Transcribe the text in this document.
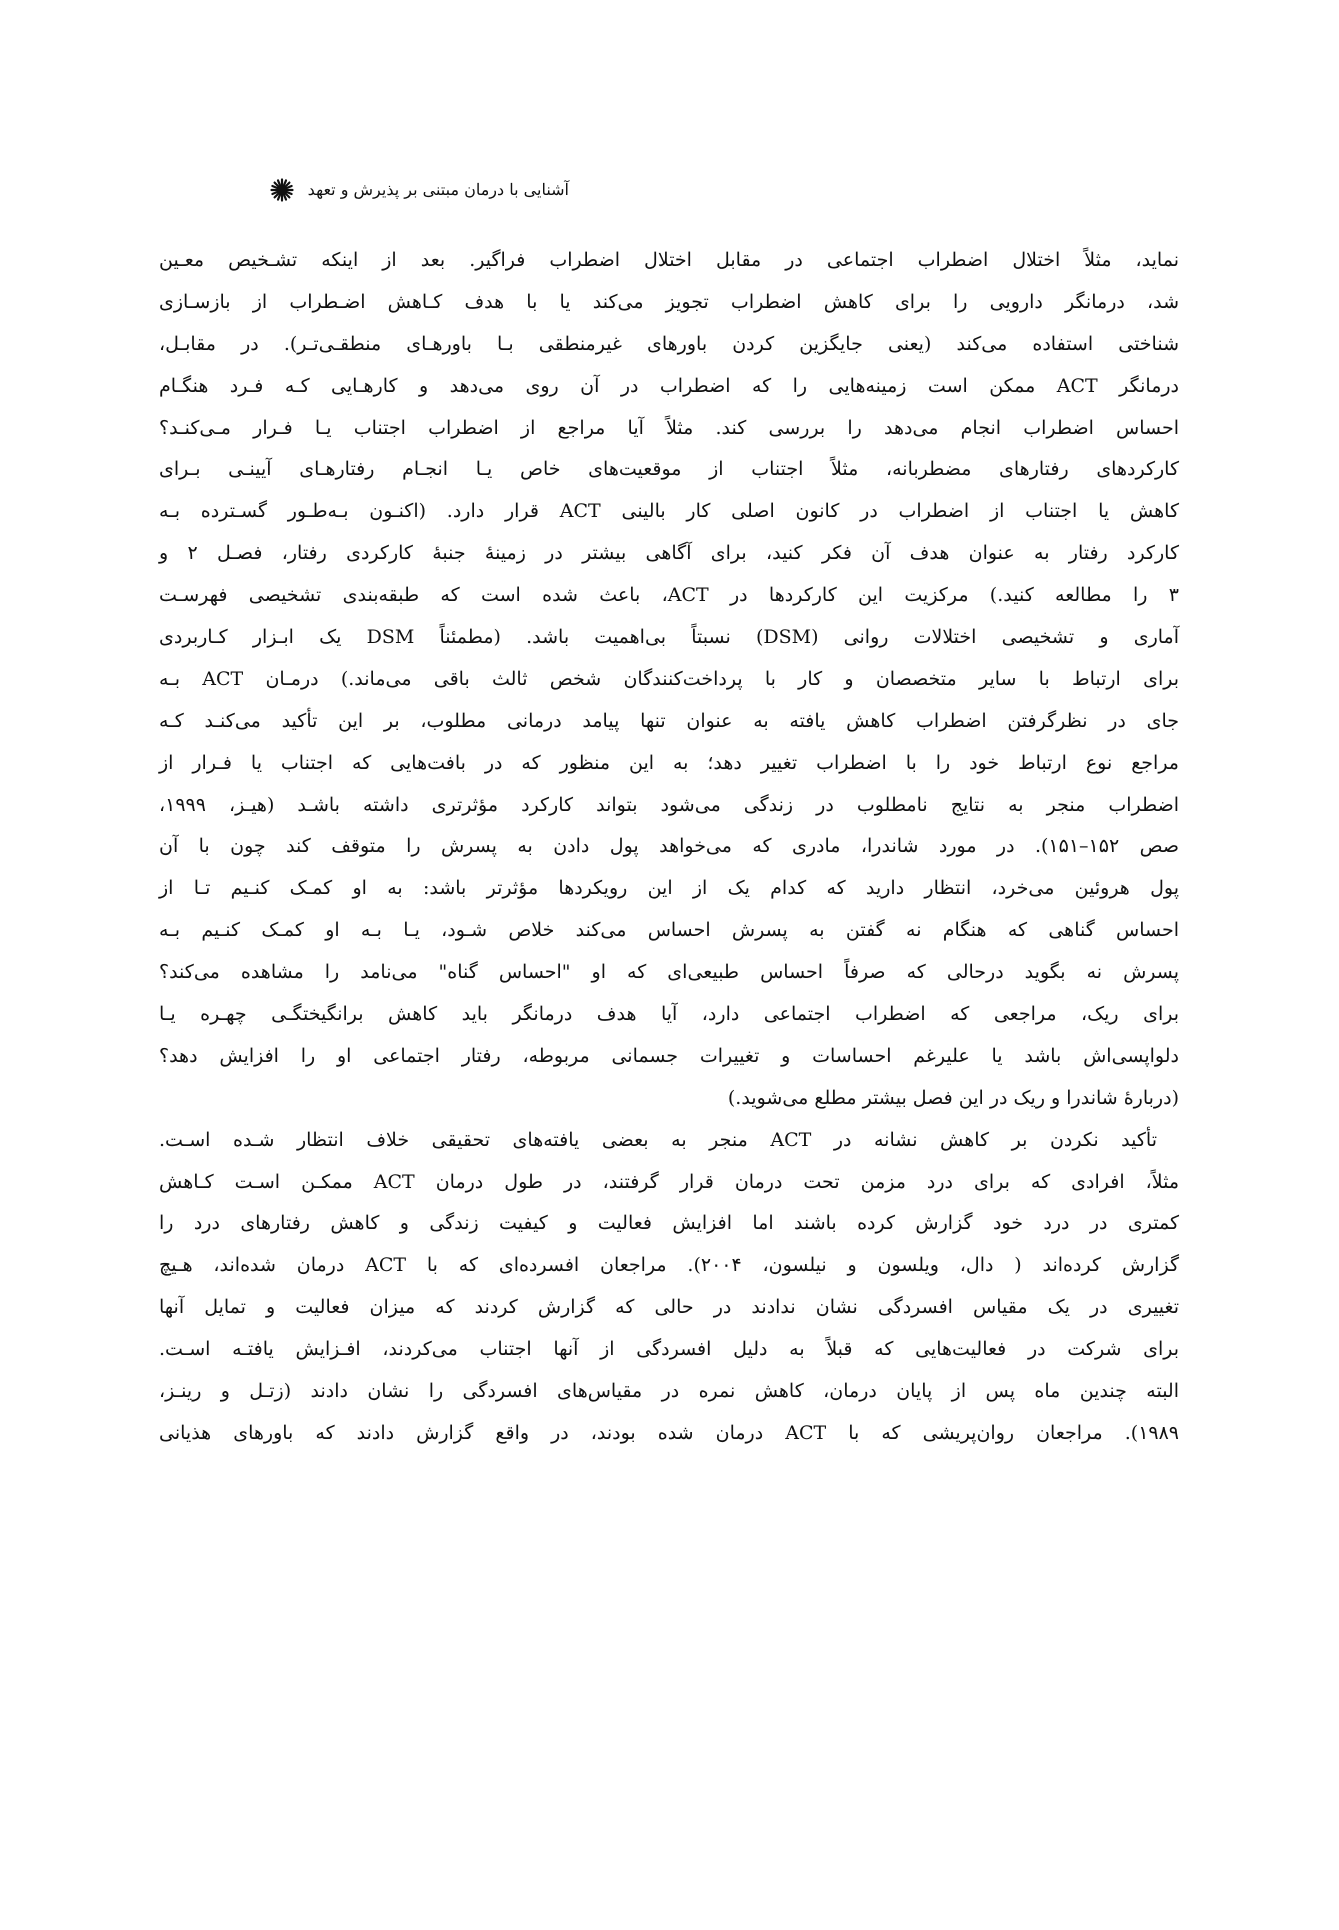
آشنایی با درمان مبتنی بر پذیرش و تعهد
نماید، مثلاً اختلال اضطراب اجتماعی در مقابل اختلال اضطراب فراگیر. بعد از اینکه تشـخیص معـین
شد، درمانگر دارویی را برای کاهش اضطراب تجویز می‌کند یا با هدف کـاهش اضـطراب از بازسـازی
شناختی استفاده می‌کند (یعنی جایگزین کردن باورهای غیرمنطقی بـا باورهـای منطقـی‌تـر). در مقابـل،
درمانگر ACT ممکن است زمینه‌هایی را که اضطراب در آن روی می‌دهد و کارهـایی کـه فـرد هنگـام
احساس اضطراب انجام می‌دهد را بررسی کند. مثلاً آیا مراجع از اضطراب اجتناب یـا فـرار مـی‌کنـد؟
کارکردهای رفتارهای مضطربانه، مثلاً اجتناب از موقعیت‌های خاص یـا انجـام رفتارهـای آیینـی بـرای
کاهش یا اجتناب از اضطراب در کانون اصلی کار بالینی ACT قرار دارد. (اکنـون بـه‌طـور گسـترده بـه
کارکرد رفتار به عنوان هدف آن فکر کنید، برای آگاهی بیشتر در زمینهٔ جنبهٔ کارکردی رفتار، فصـل ۲ و
۳ را مطالعه کنید.) مرکزیت این کارکردها در ACT، باعث شده است که طبقه‌بندی تشخیصی فهرسـت
آماری و تشخیصی اختلالات روانی (DSM) نسبتاً بی‌اهمیت باشد. (مطمئناً DSM یک ابـزار کـاربردی
برای ارتباط با سایر متخصصان و کار با پرداخت‌کنندگان شخص ثالث باقی می‌ماند.) درمـان ACT بـه
جای در نظرگرفتن اضطراب کاهش یافته به عنوان تنها پیامد درمانی مطلوب، بر این تأکید می‌کنـد کـه
مراجع نوع ارتباط خود را با اضطراب تغییر دهد؛ به این منظور که در بافت‌هایی که اجتناب یا فـرار از
اضطراب منجر به نتایج نامطلوب در زندگی می‌شود بتواند کارکرد مؤثرتری داشته باشـد (هیـز، ۱۹۹۹،
صص ۱۵۲–۱۵۱). در مورد شاندرا، مادری که می‌خواهد پول دادن به پسرش را متوقف کند چون با آن
پول هروئین می‌خرد، انتظار دارید که کدام یک از این رویکردها مؤثرتر باشد: به او کمـک کنـیم تـا از
احساس گناهی که هنگام نه گفتن به پسرش احساس می‌کند خلاص شـود، یـا بـه او کمـک کنـیم بـه
پسرش نه بگوید درحالی که صرفاً احساس طبیعی‌ای که او "احساس گناه" می‌نامد را مشاهده می‌کند؟
برای ریک، مراجعی که اضطراب اجتماعی دارد، آیا هدف درمانگر باید کاهش برانگیختگـی چهـره یـا
دلواپسی‌اش باشد یا علیرغم احساسات و تغییرات جسمانی مربوطه، رفتار اجتماعی او را افزایش دهد؟
(دربارهٔ شاندرا و ریک در این فصل بیشتر مطلع می‌شوید.)
تأکید نکردن بر کاهش نشانه در ACT منجر به بعضی یافته‌های تحقیقی خلاف انتظار شـده اسـت.
مثلاً، افرادی که برای درد مزمن تحت درمان قرار گرفتند، در طول درمان ACT ممکـن اسـت کـاهش
کمتری در درد خود گزارش کرده باشند اما افزایش فعالیت و کیفیت زندگی و کاهش رفتارهای درد را
گزارش کرده‌اند ( دال، ویلسون و نیلسون، ۲۰۰۴). مراجعان افسرده‌ای که با ACT درمان شده‌اند، هـیچ
تغییری در یک مقیاس افسردگی نشان ندادند در حالی که گزارش کردند که میزان فعالیت و تمایل آنها
برای شرکت در فعالیت‌هایی که قبلاً به دلیل افسردگی از آنها اجتناب می‌کردند، افـزایش یافتـه اسـت.
البته چندین ماه پس از پایان درمان، کاهش نمره در مقیاس‌های افسردگی را نشان دادند (زتـل و رینـز،
۱۹۸۹). مراجعان روان‌پریشی که با ACT درمان شده بودند، در واقع گزارش دادند که باورهای هذیانی
